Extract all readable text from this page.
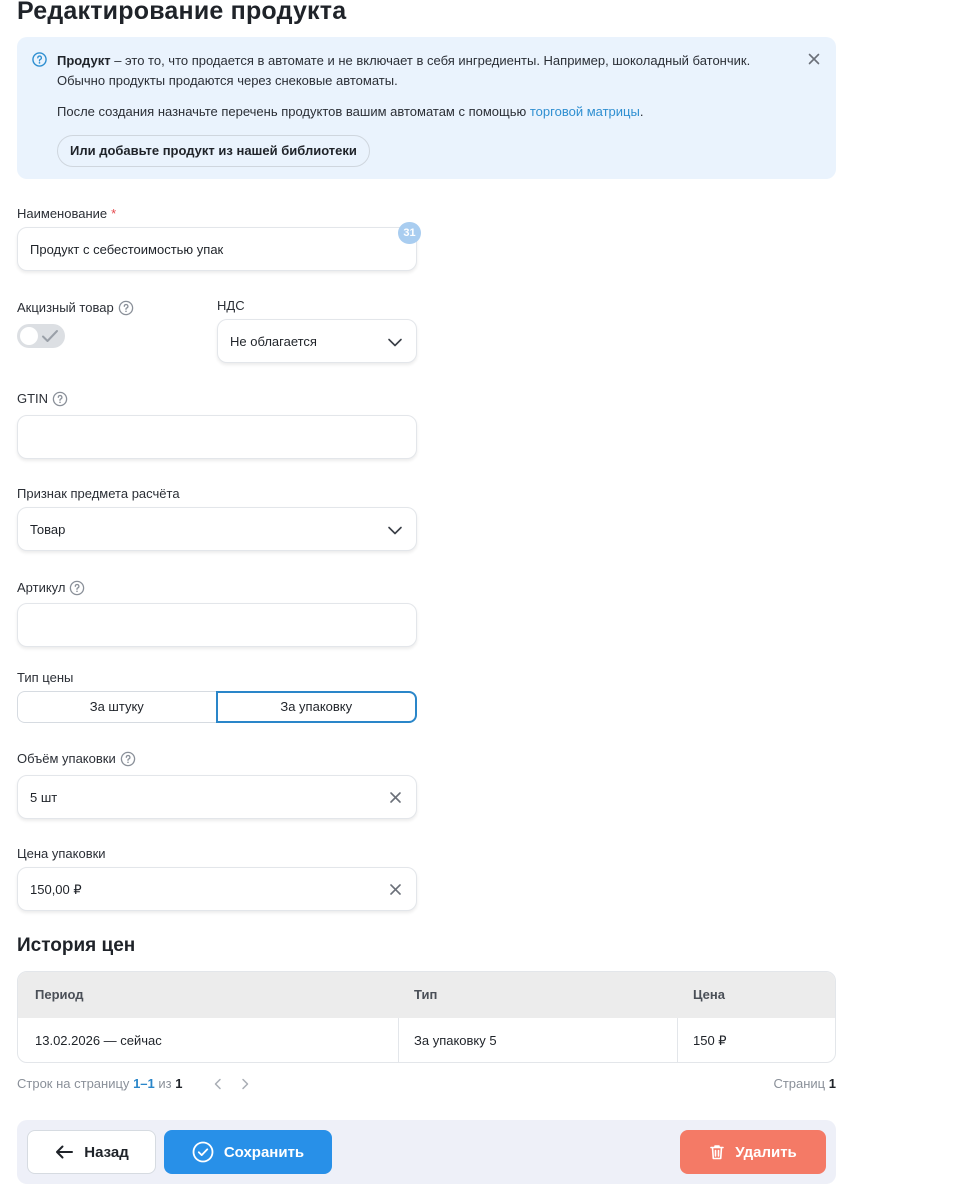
Редактирование продукта
Продукт – это то, что продается в автомате и не включает в себя ингредиенты. Например, шоколадный батончик. Обычно продукты продаются через снековые автоматы.
После создания назначьте перечень продуктов вашим автоматам с помощью торговой матрицы.
Или добавьте продукт из нашей библиотеки
Наименование *
Продукт с себестоимостью упак
31
Акцизный товар	НДС
Не облагается
GTIN
Признак предмета расчёта
Товар
Артикул
Тип цены
За штуку	За упаковку
Объём упаковки
5 шт
Цена упаковки
150,00 ₽
История цен
Период	Тип	Цена
13.02.2026 — сейчас	За упаковку 5	150 ₽
Строк на страницу 1–1 из 1	Страниц 1
Назад	Сохранить	Удалить
